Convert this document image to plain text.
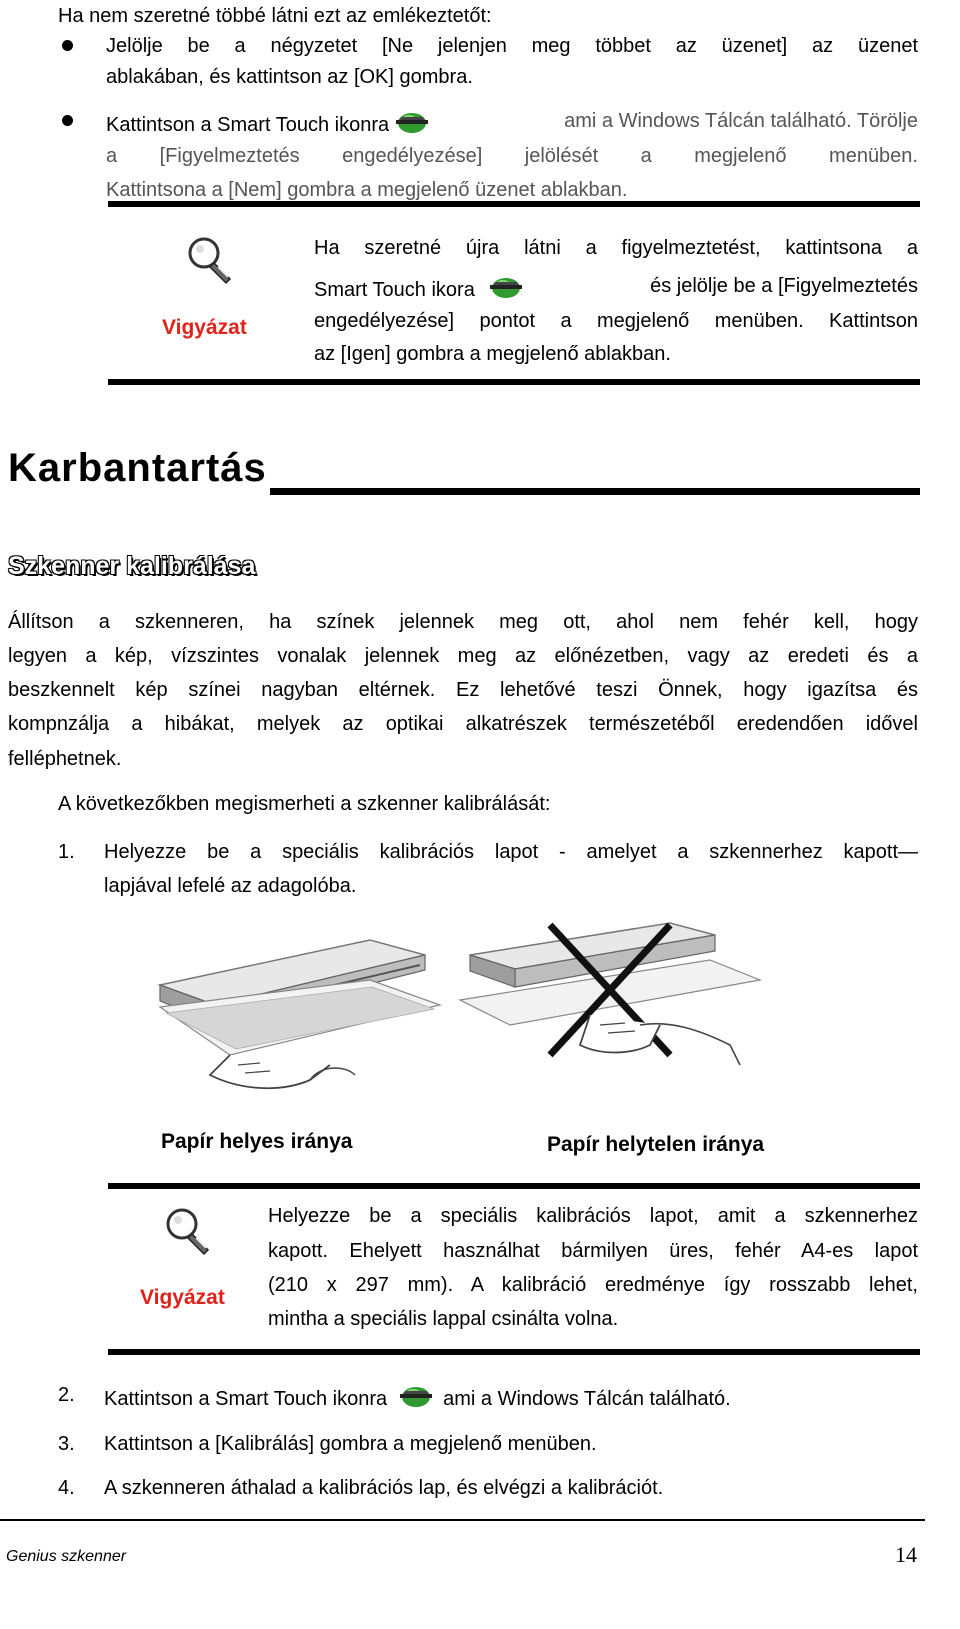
Ha nem szeretné többé látni ezt az emlékeztetőt:
Jelölje be a négyzetet [Ne jelenjen meg többet az üzenet] az üzenet
ablakában, és kattintson az [OK] gombra.
Kattintson a Smart Touch ikonra	ami a Windows Tálcán található. Törölje
a [Figyelmeztetés engedélyezése] jelölését a megjelenő menüben.
Kattintsona a [Nem] gombra a megjelenő üzenet ablakban.
Vigyázat
Ha szeretné újra látni a figyelmeztetést, kattintsona a
Smart Touch ikora	és jelölje be a [Figyelmeztetés
engedélyezése] pontot a megjelenő menüben. Kattintson
az [Igen] gombra a megjelenő ablakban.
Karbantartás
Szkenner kalibrálása
Állítson a szkenneren, ha színek jelennek meg ott, ahol nem fehér kell, hogy
legyen a kép, vízszintes vonalak jelennek meg az előnézetben, vagy az eredeti és a
beszkennelt kép színei nagyban eltérnek. Ez lehetővé teszi Önnek, hogy igazítsa és
kompnzálja a hibákat, melyek az optikai alkatrészek természetéből eredendően idővel
felléphetnek.
A következőkben megismerheti a szkenner kalibrálását:
1. Helyezze be a speciális kalibrációs lapot - amelyet a szkennerhez kapott—
lapjával lefelé az adagolóba.
Papír helyes iránya	Papír helytelen iránya
Vigyázat
Helyezze be a speciális kalibrációs lapot, amit a szkennerhez
kapott. Ehelyett használhat bármilyen üres, fehér A4-es lapot
(210 x 297 mm). A kalibráció eredménye így rosszabb lehet,
mintha a speciális lappal csinálta volna.
2. Kattintson a Smart Touch ikonra	ami a Windows Tálcán található.
3. Kattintson a [Kalibrálás] gombra a megjelenő menüben.
4. A szkenneren áthalad a kalibrációs lap, és elvégzi a kalibrációt.
Genius szkenner	14
